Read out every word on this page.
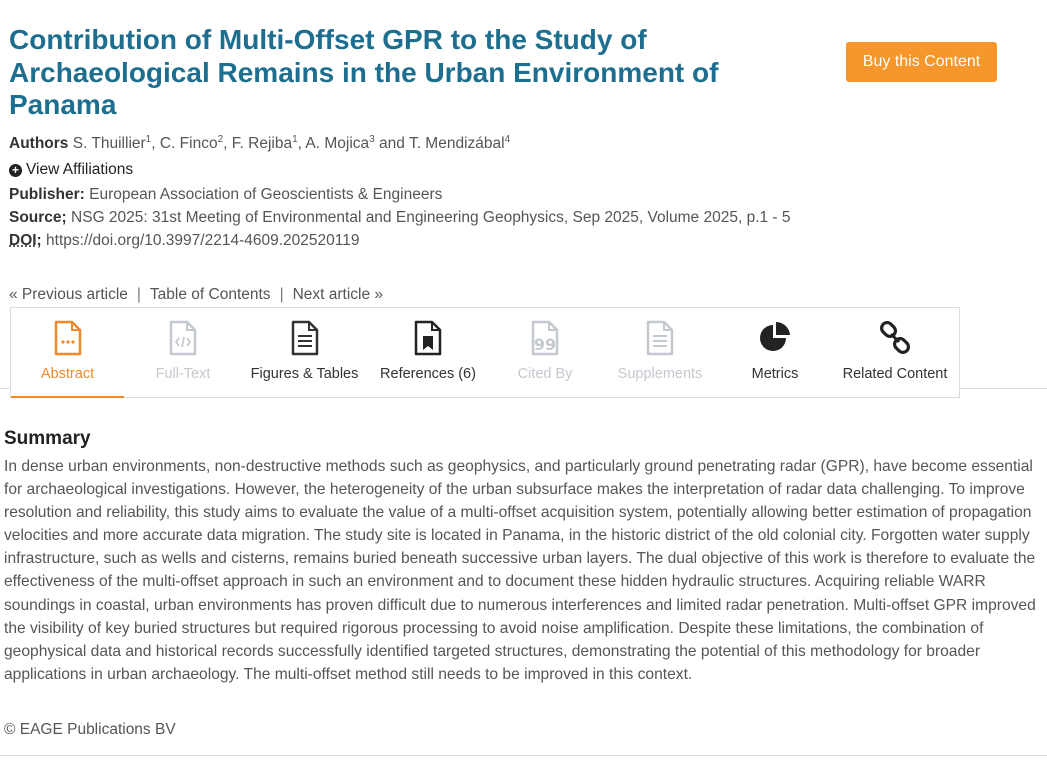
Contribution of Multi-Offset GPR to the Study of Archaeological Remains in the Urban Environment of Panama
Buy this Content
Authors S. Thuillier$^1$, C. Finco$^2$, F. Rejiba$^1$, A. Mojica$^3$ and T. Mendizábal$^4$
+ View Affiliations
Publisher: European Association of Geoscientists & Engineers
Source; NSG 2025: 31st Meeting of Environmental and Engineering Geophysics, Sep 2025, Volume 2025, p.1 - 5
DOI; https://doi.org/10.3997/2214-4609.202520119
« Previous article | Table of Contents | Next article »
Abstract	Full-Text	Figures & Tables References (6)
99
Cited By	Supplements	Metrics	Related Content
Summary

In dense urban environments, non-destructive methods such as geophysics, and particularly ground penetrating radar (GPR), have become essential for archaeological investigations. However, the heterogeneity of the urban subsurface makes the interpretation of radar data challenging. To improve resolution and reliability, this study aims to evaluate the value of a multi-offset acquisition system, potentially allowing better estimation of propagation velocities and more accurate data migration. The study site is located in Panama, in the historic district of the old colonial city. Forgotten water supply infrastructure, such as wells and cisterns, remains buried beneath successive urban layers. The dual objective of this work is therefore to evaluate the effectiveness of the multi-offset approach in such an environment and to document these hidden hydraulic structures. Acquiring reliable WARR soundings in coastal, urban environments has proven difficult due to numerous interferences and limited radar penetration. Multi-offset GPR improved the visibility of key buried structures but required rigorous processing to avoid noise amplification. Despite these limitations, the combination of geophysical data and historical records successfully identified targeted structures, demonstrating the potential of this methodology for broader applications in urban archaeology. The multi-offset method still needs to be improved in this context.

© EAGE Publications BV
